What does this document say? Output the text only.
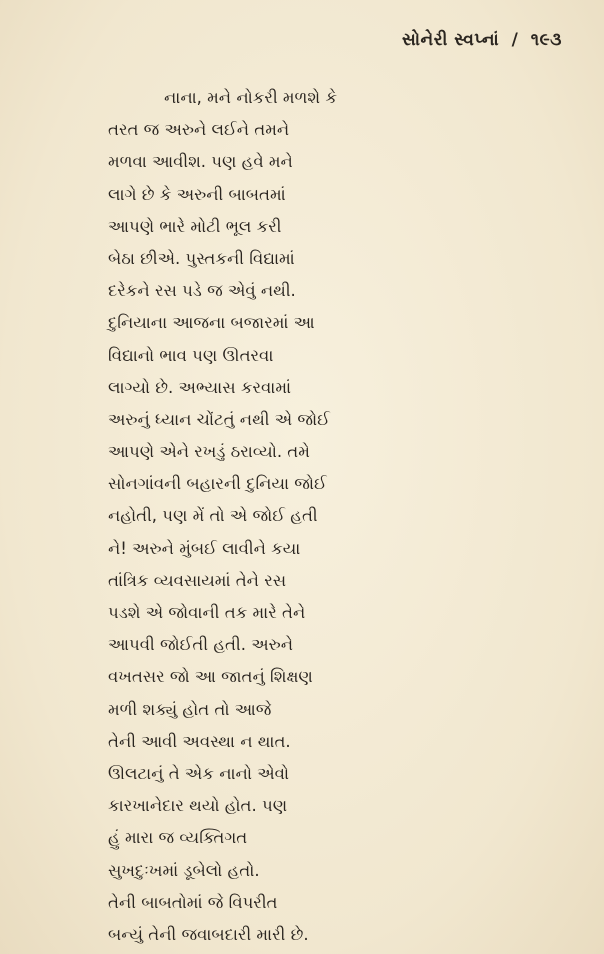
સોનેરી સ્વપ્નાં / ૧૯૩
નાના, મને નોકરી મળશે કે
તરત જ અરુને લઈને તમને
મળવા આવીશ. પણ હવે મને
લાગે છે કે અરુની બાબતમાં
આપણે ભારે મોટી ભૂલ કરી
બેઠા છીએ. પુસ્તકની વિદ્યામાં
દરેકને રસ પડે જ એવું નથી.
દુનિયાના આજના બજારમાં આ
વિદ્યાનો ભાવ પણ ઊતરવા
લાગ્યો છે. અભ્યાસ કરવામાં
અરુનું ધ્યાન ચોંટતું નથી એ જોઈ
આપણે એને રખડું ઠરાવ્યો. તમે
સોનગાંવની બહારની દુનિયા જોઈ
નહોતી, પણ મેં તો એ જોઈ હતી
ને! અરુને મુંબઈ લાવીને કયા
તાંત્રિક વ્યવસાયમાં તેને રસ
પડશે એ જોવાની તક મારે તેને
આપવી જોઈતી હતી. અરુને
વખતસર જો આ જાતનું શિક્ષણ
મળી શક્યું હોત તો આજે
તેની આવી અવસ્થા ન થાત.
ઊલટાનું તે એક નાનો એવો
કારખાનેદાર થયો હોત. પણ
હું મારા જ વ્યક્તિગત
સુખદુઃખમાં ડૂબેલો હતો.
તેની બાબતોમાં જે વિપરીત
બન્યું તેની જવાબદારી મારી છે.
